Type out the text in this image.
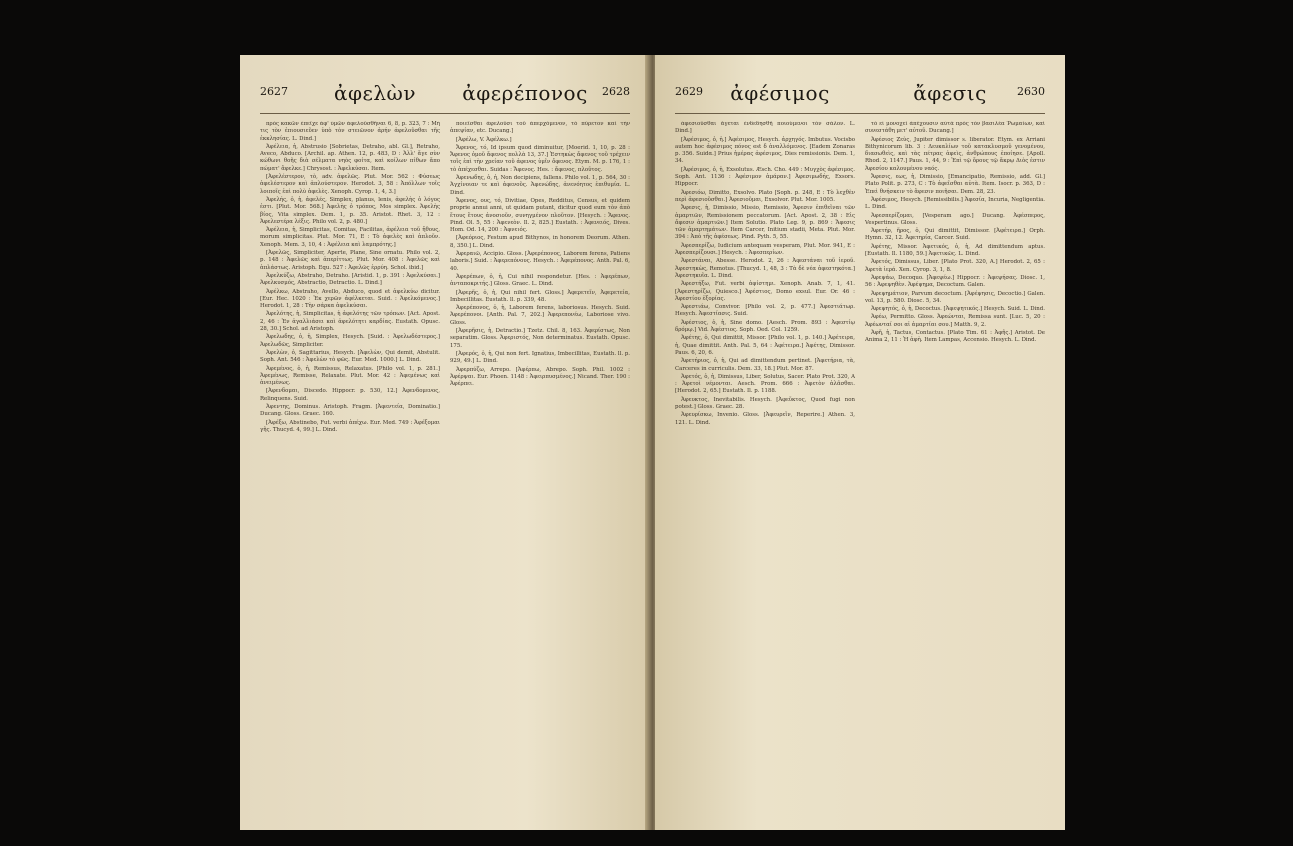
2627	ἀφελὼν	ἀφερέπονος	2628

πρὸς κακῶν ἐπεῖχε ἀφ' ὑμῶν ἀφελοῦσθῆναι 6, 8, p. 323, 7 : Μὴ τις τὸν ἐπιουσιεῦεν ὑπὸ τὸν στειῶνον ἀρήν ἀφελοῦσθαι τῆς ἐκκλησίας. L. Dind.]

Ἀφέλεια, ἡ, Abstrusio [Sobrietas, Detraho, abl. Gl.], Retraho, Aveco, Abduco. [Archil. ap. Athen. 12, p. 483, D : Ἀλλ' ἄγε σὺν κώθωνι θοῆς διὰ σέλματα νηὸς φοίτα, καὶ κοίλων πίθων ἄπο πώματ' ἄφελκε.] Chrysost. : Ἀφελκύσαι. Item.

[Ἀφελέστερον, τὸ, adv. ἀφελῶς. Plut. Mor. 562 : Φύσεως ἀφελέστερον καὶ ἁπλούστερον. Herodot. 3, 58 : Ἀπόλλων τοῖς λοιποῖς ἐπὶ πολὺ ἀφελὲς. Xenoph. Cyrop. 1, 4, 3.]

Ἀφελής, ὁ, ἡ, ἀφελές, Simplex, planus, lenis, ἀφελὴς ὁ λόγος ἐστι. [Plut. Mor. 568.] Ἀφελὴς ὁ τρόπος, Mos simplex. Ἀφελὴς βίος, Vita simplex. Dem. 1, p. 35. Aristot. Rhet. 3, 12 : Ἀφελεστέρα λέξις. Philo vol. 2, p. 480.]

Ἀφέλεια, ἡ, Simplicitas, Comitas, Facilitas, ἀφέλεια τοῦ ἤθους, morum simplicitas. Plut. Mor. 71, E : Τὸ ἀφελὲς καὶ ἁπλοῦν. Xenoph. Mem. 3, 10, 4 : Ἀφέλεια καὶ λαμπρότης.]

[Ἀφελῶς, Simpliciter, Aperte, Plane, Sine ornatu. Philo vol. 2, p. 148 : Ἀφελῶς καὶ ἀπερίττως. Plut. Mor. 408 : Ἀφελῶς καὶ ἀπλάστως. Aristoph. Equ. 527 : Ἀφελῶς ἐρρύη. Schol. ibid.]

Ἀφελκύζω, Abstraho, Detraho. [Aristid. 1, p. 391 : Ἀφελκύσαι.] Ἀφελκυσμός, Abstractio, Detractio. L. Dind.]

Ἀφέλκω, Abstraho, Avello, Abduco, quod et ἀφελκύω dicitur. [Eur. Hec. 1020 : Ἐκ χερῶν ἀφέλκεται. Suid. : Ἀφελκόμενος.] Herodot. 1, 28 : Τὴν σάρκα ἀφελκύσαι.

Ἀφελότης, ἡ, Simplicitas, ἡ ἀφελότης τῶν τρόπων. [Act. Apost. 2, 46 : Ἐν ἀγαλλιάσει καὶ ἀφελότητι καρδίας. Eustath. Opusc. 28, 30.] Schol. ad Aristoph.

Ἀφελωδης, ὁ, ἡ, Simplex, Hesych. [Suid. : Ἀφελωδέστερος.] Ἀφελωδῶς, Simpliciter.

Ἀφελὼν, ὁ, Sagittarius, Hesych. [Ἀφελὼν, Qui demit, Abstulit. Soph. Ant. 546 : Ἀφελὼν τὸ φῶς. Eur. Med. 1000.] L. Dind.

Ἀφεμένος, ὁ, ἡ, Remissus, Relaxatus. [Philo vol. 1, p. 281.] Ἀφεμένως, Remisse, Relaxate. Plut. Mor. 42 : Ἀφεμένως καὶ ἀνειμένως.

[Ἀφενδομαι, Discedo. Hippocr. p. 530, 12.] Ἀφενδομενος, Relinquens. Suid.

Ἀφεντης, Dominus. Aristoph. Fragm. [Ἀφεντεία, Dominatio.] Ducang. Gloss. Graec. 160.

[Ἀφέξω, Abstinebo, Fut. verbi ἀπέχω. Eur. Med. 749 : Ἀφέξομαι γῆς. Thucyd. 4, 99.] L. Dind.

ποιεῖσθαι ἀφελοῦσι τοῦ ἀπερχόμενον, τὸ πύρετον καὶ τὴν ἀπεψίαν, etc. Ducang.]

[Ἀφέλω, V. Ἀφέλκω.]

Ἄφενος, τό, Id ipsum quod diminuitur, [Moerid. 1, 10, p. 28 : Ἄφενος ὁμοῦ ἄφενος πολλὰ 13, 37.] Ἐστηκὼς ἄφενος τοῦ τρέχειν τοῖς ἐπὶ τὴν χρείαν τοῦ ἀφενος ὑμῖν ὄφενος. Etym. M. p. 176, 1 : τὸ ἀπέχεσθαι. Suidas : Ἄφενος. Hes. : ἄφενος, πλοῦτος.

Ἀφενωδης, ὁ, ἡ, Non decipiens, fallens. Philo vol. 1, p. 564, 30 : Ἀγχίνοιαν τε καὶ ἀφενοῦς. Ἀφενώδης, ἀνενόητος ἐπιθυμία. L. Dind.

Ἄφενος, ους, τό, Divitiae, Opes, Redditus, Census, et quidem proprie annui anni, ut quidam putant, dicitur quod eum τὸν ἀπὸ ἔτους ἔτους ἀνοσιοῦν, συνηγμένον πλοῦτον. [Hesych. : Ἄφενος. Pind. Ol. 5, 55 : Ἀφενεὸν. Il. 2, 825.] Eustath. : Ἀφενειός, Dives. Hom. Od. 14, 200 : Ἀφνειός.

[Ἀφεόριος, Festum apud Bithynos, in honorem Deorum. Athen. 8, 350.] L. Dind.

Ἀφεραιῶ, Accipio. Gloss. [Ἀφερέπονος, Laborem ferens, Patiens laboris.] Suid. : Ἀφερεπόνους. Hesych. : Ἀφερέπονος. Anth. Pal. 6, 40.

Ἀφερέπων, ὁ, ἡ, Cui nihil respondetur. [Hes. : Ἀφερέπων, ἀνταποκριτής.] Gloss. Graec. L. Dind.

[Ἀφερῆς, ὁ, ἡ, Qui nihil fert. Gloss.] Ἀφερετεῖν, Ἀφερετεία, Imbecillitas. Eustath. ll. p. 339, 48.

Ἀφερέπονος, ὁ, ἡ, Laborem ferens, laboriosus. Hesych. Suid. Ἀφερέπονοι. [Anth. Pal. 7, 202.] Ἀφερεπονέω, Laboriose vivo. Gloss.

[Ἀφερῆσις, ἡ, Detractio.] Tzetz. Chil. 8, 163. Ἀφερίστως, Non separatim. Gloss. Ἀφεριστός, Non determinatus. Eustath. Opusc. 175.

[Ἀφερός, ὁ, ἡ, Qui non fert. Ignatius, Imbecillitas, Eustath. ll. p. 929, 49.] L. Dind.

Ἀφερπύζω, Arrepo. [Ἀφέρπω, Abrepo. Soph. Phil. 1002 : Ἀφέρψαι. Eur. Phoen. 1148 : Ἀφειρπυσμένος.] Nicand. Ther. 190 : Ἀφέρπει.

2629	ἀφέσιμος	ἄφεσις	2630

ἀφεσιοῦσθαι ἄγεται ἐνδεδησθῆ ποιούμενοι τὸν σάλον. L. Dind.]

[Ἀφέσιμος, ὁ, ἡ.] Ἀφέσιμος, Hesych. ἀρχηγός. Imbutus. Vocisbo autem hoc ἀφέσιμος πόνος est δ ἀναλλόμενος. [Eadem Zonaras p. 356. Suidα.] Prius ἡμέρας ἀφέσιμος, Dies remissionis. Dem. 1, 34.

[Ἀφέσιμος, ὁ, ἡ, Exsolutus. Æsch. Cho. 449 : Μυγχὸς ἀφέσιμος. Soph. Ant. 1136 : Ἀφέσιμον ἀμάραν.] Ἀφεσιμωδής, Exsors. Hippocr.

Ἀφεσιόω, Dimitto, Exsolvo. Plato [Soph. p. 248, E : Τὸ λεχθὲν περὶ ἀφεσιοῦσθαι.] Ἀφεσιοῦμαι, Exsolvor. Plut. Mor. 1005.

Ἄφεσις, ἡ, Dimissio, Missio, Remissio, Ἄφεσιν ἐπιθεῖναι τῶν ἁμαρτιῶν, Remissionem peccatorum. [Act. Apost. 2, 38 : Εἰς ἄφεσιν ἁμαρτιῶν.] Item Solutio. Plato Leg. 9, p. 869 : Ἄφεσις τῶν ἁμαρτημάτων. Item Carcer, Initium stadii, Meta. Plut. Mor. 394 : Ἀπὸ τῆς ἀφέσεως. Pind. Pyth. 5, 55.

Ἀφεσπερίζω, Iudicium antequam vesperam, Plut. Mor. 941, E : Ἀφεσπερίζουσι.] Hesych. : Ἀφεσπερίων.

Ἀφεστάναι, Abesse. Herodot. 2, 26 : Ἀφεστάναι τοῦ ἱεροῦ. Ἀφεστηκὼς, Remotus. [Thucyd. 1, 48, 3 : Τὰ δὲ νέα ἀφεστηκότα.] Ἀφεστηκυῖα. L. Dind.

Ἀφεστήξω, Fut. verbi ἀφίστημι. Xenoph. Anab. 7, 1, 41. [Ἀφεστηρίζω, Quiesco.] Ἀφέστιος, Domo exsul. Eur. Or. 46 : Ἀφεστίου ἐξορίας.

Ἀφεστιάω, Convivor. [Philo vol. 2, p. 477.] Ἀφεστιάτωρ. Hesych. Ἀφεστίασις. Suid.

Ἀφέστιος, ὁ, ἡ, Sine domo. [Aesch. Prom. 893 : Ἀφεστίῳ δρόμῳ.] Vid. Ἀφέστιος. Soph. Oed. Col. 1259.

Ἀφέτης, ὁ, Qui dimittit, Missor. [Philo vol. 1, p. 140.] Ἀφέτειρα, ἡ, Quae dimittit. Anth. Pal. 5, 64 : Ἀφέτειρα.] Ἀφέτης, Dimissor. Paus. 6, 20, 6.

Ἀφετήριος, ὁ, ἡ, Qui ad dimittendum pertinet. [Ἀφετήρια, τὰ, Carceres in curriculis. Dem. 33, 18.] Plut. Mor. 87.

Ἀφετός, ὁ, ἡ, Dimissus, Liber, Solutus, Sacer. Plato Prot. 320, A : Ἀφετοὶ νέμονται. Aesch. Prom. 666 : Ἀφετὸν ἀλᾶσθαι. [Herodot. 2, 65.] Eustath. Il. p. 1188.

Ἀφευκτος, Inevitabilis. Hesych. [Ἀφεῦκτος, Quod fugi non potest.] Gloss. Graec. 28.

Ἀφευρίσκω, Invenio. Gloss. [Ἀφευρεῖν, Reperire.] Athen. 3, 121. L. Dind.

τὸ εἰ μονοχεὶ ἀπέχουσιν αὐτὰ πρὸς τὸν βασιλέα Ῥωμαίων, καὶ συνεστάθη μετ' αὐτοῦ. Ducang.]

Ἀφέσιος Ζεὺς, Jupiter dimissor s. liberator. Etym. ex Arriani Bithynicorum lib. 3 : Δευκαλίων τοῦ κατακλυσμοῦ γενομένου, διασωθεὶς, καὶ τὰς πέτρας ἀφεὶς, ἀνθρώπους ἐποίησε. [Apoll. Rhod. 2, 1147.] Paus. 1, 44, 9 : Ἐπὶ τῷ ὄρους τῷ ἄκρῳ Διὸς ἐστιν Ἀφεσίου καλουμένου ναός.

Ἄφεσις, εως, ἡ, Dimissio, [Emancipatio, Remissio, add. Gl.] Plato Polit. p. 273, C : Τὸ ἀφεῖσθαι αὐτὰ. Item. Isocr. p. 363, D : Ἐπεὶ θνήσκειν τὸ ἄφεσιν ποιῆσαι. Dem. 28, 23.

Ἀφέσιμος, Hesych. [Remissibilis.] Ἀφεσία, Incuria, Negligentia. L. Dind.

Ἀφεσπερίζομαι, [Vesperam ago.] Ducang. Ἀφέσπερος, Vespertinus. Gloss.

Ἀφετήρ, ῆρος, ὁ, Qui dimittit, Dimissor. [Ἀφέτειρα.] Orph. Hymn. 32, 12. Ἀφετηρία, Carcer. Suid.

Ἀφέτης, Missor. Ἀφετικός, ὁ, ἡ, Ad dimittendum aptus. [Eustath. Il. 1180, 59.] Ἀφετικῶς. L. Dind.

Ἀφετός, Dimissus, Liber. [Plato Prot. 320, A.] Herodot. 2, 65 : Ἀφετὰ ἱερά. Xen. Cyrop. 3, 1, 8.

Ἀφεψάω, Decoquo. [Ἀφεψέω.] Hippocr. : Ἀφεψήσας. Diosc. 1, 56 : Ἀφεψηθὲν. Ἀφέψημα, Decoctum. Galen.

Ἀφεψημάτιον, Parvum decoctum. [Ἀφέψησις, Decoctio.] Galen. vol. 13, p. 580. Diosc. 5, 34.

Ἀφεψητός, ὁ, ἡ, Decoctus. [Ἀφεψητικός.] Hesych. Suid. L. Dind.

Ἀφέω, Permitto. Gloss. Ἀφεώνται, Remissa sunt. [Luc. 5, 20 : Ἀφέωνταί σοι αἱ ἁμαρτίαι σου.] Matth. 9, 2.

Ἀφῆ, ἡ, Tactus, Contactus. [Plato Tim. 61 : Ἀφῆς.] Aristot. De Anima 2, 11 : Ἡ ἀφὴ. Item Lampas, Accensio. Hesych. L. Dind.
